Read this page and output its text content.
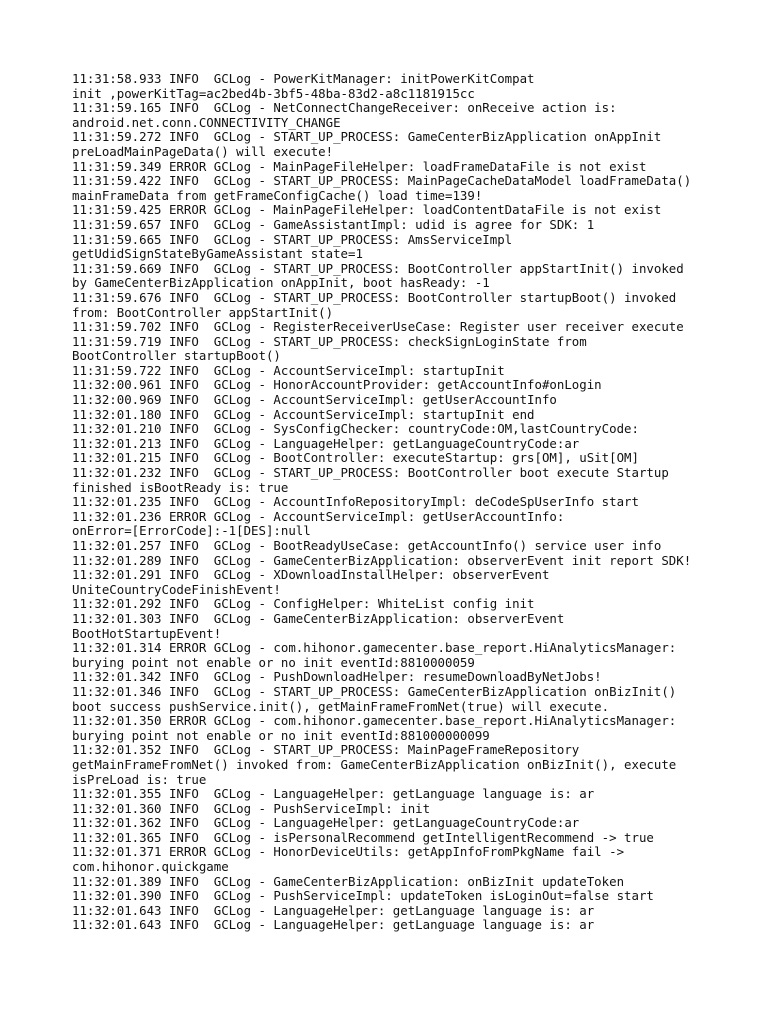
11:31:58.933 INFO  GCLog - PowerKitManager: initPowerKitCompat
init ,powerKitTag=ac2bed4b-3bf5-48ba-83d2-a8c1181915cc
11:31:59.165 INFO  GCLog - NetConnectChangeReceiver: onReceive action is:
android.net.conn.CONNECTIVITY_CHANGE
11:31:59.272 INFO  GCLog - START_UP_PROCESS: GameCenterBizApplication onAppInit
preLoadMainPageData() will execute!
11:31:59.349 ERROR GCLog - MainPageFileHelper: loadFrameDataFile is not exist
11:31:59.422 INFO  GCLog - START_UP_PROCESS: MainPageCacheDataModel loadFrameData()
mainFrameData from getFrameConfigCache() load time=139!
11:31:59.425 ERROR GCLog - MainPageFileHelper: loadContentDataFile is not exist
11:31:59.657 INFO  GCLog - GameAssistantImpl: udid is agree for SDK: 1
11:31:59.665 INFO  GCLog - START_UP_PROCESS: AmsServiceImpl
getUdidSignStateByGameAssistant state=1
11:31:59.669 INFO  GCLog - START_UP_PROCESS: BootController appStartInit() invoked
by GameCenterBizApplication onAppInit, boot hasReady: -1
11:31:59.676 INFO  GCLog - START_UP_PROCESS: BootController startupBoot() invoked
from: BootController appStartInit()
11:31:59.702 INFO  GCLog - RegisterReceiverUseCase: Register user receiver execute
11:31:59.719 INFO  GCLog - START_UP_PROCESS: checkSignLoginState from
BootController startupBoot()
11:31:59.722 INFO  GCLog - AccountServiceImpl: startupInit
11:32:00.961 INFO  GCLog - HonorAccountProvider: getAccountInfo#onLogin
11:32:00.969 INFO  GCLog - AccountServiceImpl: getUserAccountInfo
11:32:01.180 INFO  GCLog - AccountServiceImpl: startupInit end
11:32:01.210 INFO  GCLog - SysConfigChecker: countryCode:OM,lastCountryCode:
11:32:01.213 INFO  GCLog - LanguageHelper: getLanguageCountryCode:ar
11:32:01.215 INFO  GCLog - BootController: executeStartup: grs[OM], uSit[OM]
11:32:01.232 INFO  GCLog - START_UP_PROCESS: BootController boot execute Startup
finished isBootReady is: true
11:32:01.235 INFO  GCLog - AccountInfoRepositoryImpl: deCodeSpUserInfo start
11:32:01.236 ERROR GCLog - AccountServiceImpl: getUserAccountInfo:
onError=[ErrorCode]:-1[DES]:null
11:32:01.257 INFO  GCLog - BootReadyUseCase: getAccountInfo() service user info
11:32:01.289 INFO  GCLog - GameCenterBizApplication: observerEvent init report SDK!
11:32:01.291 INFO  GCLog - XDownloadInstallHelper: observerEvent
UniteCountryCodeFinishEvent!
11:32:01.292 INFO  GCLog - ConfigHelper: WhiteList config init
11:32:01.303 INFO  GCLog - GameCenterBizApplication: observerEvent
BootHotStartupEvent!
11:32:01.314 ERROR GCLog - com.hihonor.gamecenter.base_report.HiAnalyticsManager:
burying point not enable or no init eventId:8810000059
11:32:01.342 INFO  GCLog - PushDownloadHelper: resumeDownloadByNetJobs!
11:32:01.346 INFO  GCLog - START_UP_PROCESS: GameCenterBizApplication onBizInit()
boot success pushService.init(), getMainFrameFromNet(true) will execute.
11:32:01.350 ERROR GCLog - com.hihonor.gamecenter.base_report.HiAnalyticsManager:
burying point not enable or no init eventId:881000000099
11:32:01.352 INFO  GCLog - START_UP_PROCESS: MainPageFrameRepository
getMainFrameFromNet() invoked from: GameCenterBizApplication onBizInit(), execute
isPreLoad is: true
11:32:01.355 INFO  GCLog - LanguageHelper: getLanguage language is: ar
11:32:01.360 INFO  GCLog - PushServiceImpl: init
11:32:01.362 INFO  GCLog - LanguageHelper: getLanguageCountryCode:ar
11:32:01.365 INFO  GCLog - isPersonalRecommend getIntelligentRecommend -> true
11:32:01.371 ERROR GCLog - HonorDeviceUtils: getAppInfoFromPkgName fail ->
com.hihonor.quickgame
11:32:01.389 INFO  GCLog - GameCenterBizApplication: onBizInit updateToken
11:32:01.390 INFO  GCLog - PushServiceImpl: updateToken isLoginOut=false start
11:32:01.643 INFO  GCLog - LanguageHelper: getLanguage language is: ar
11:32:01.643 INFO  GCLog - LanguageHelper: getLanguage language is: ar
